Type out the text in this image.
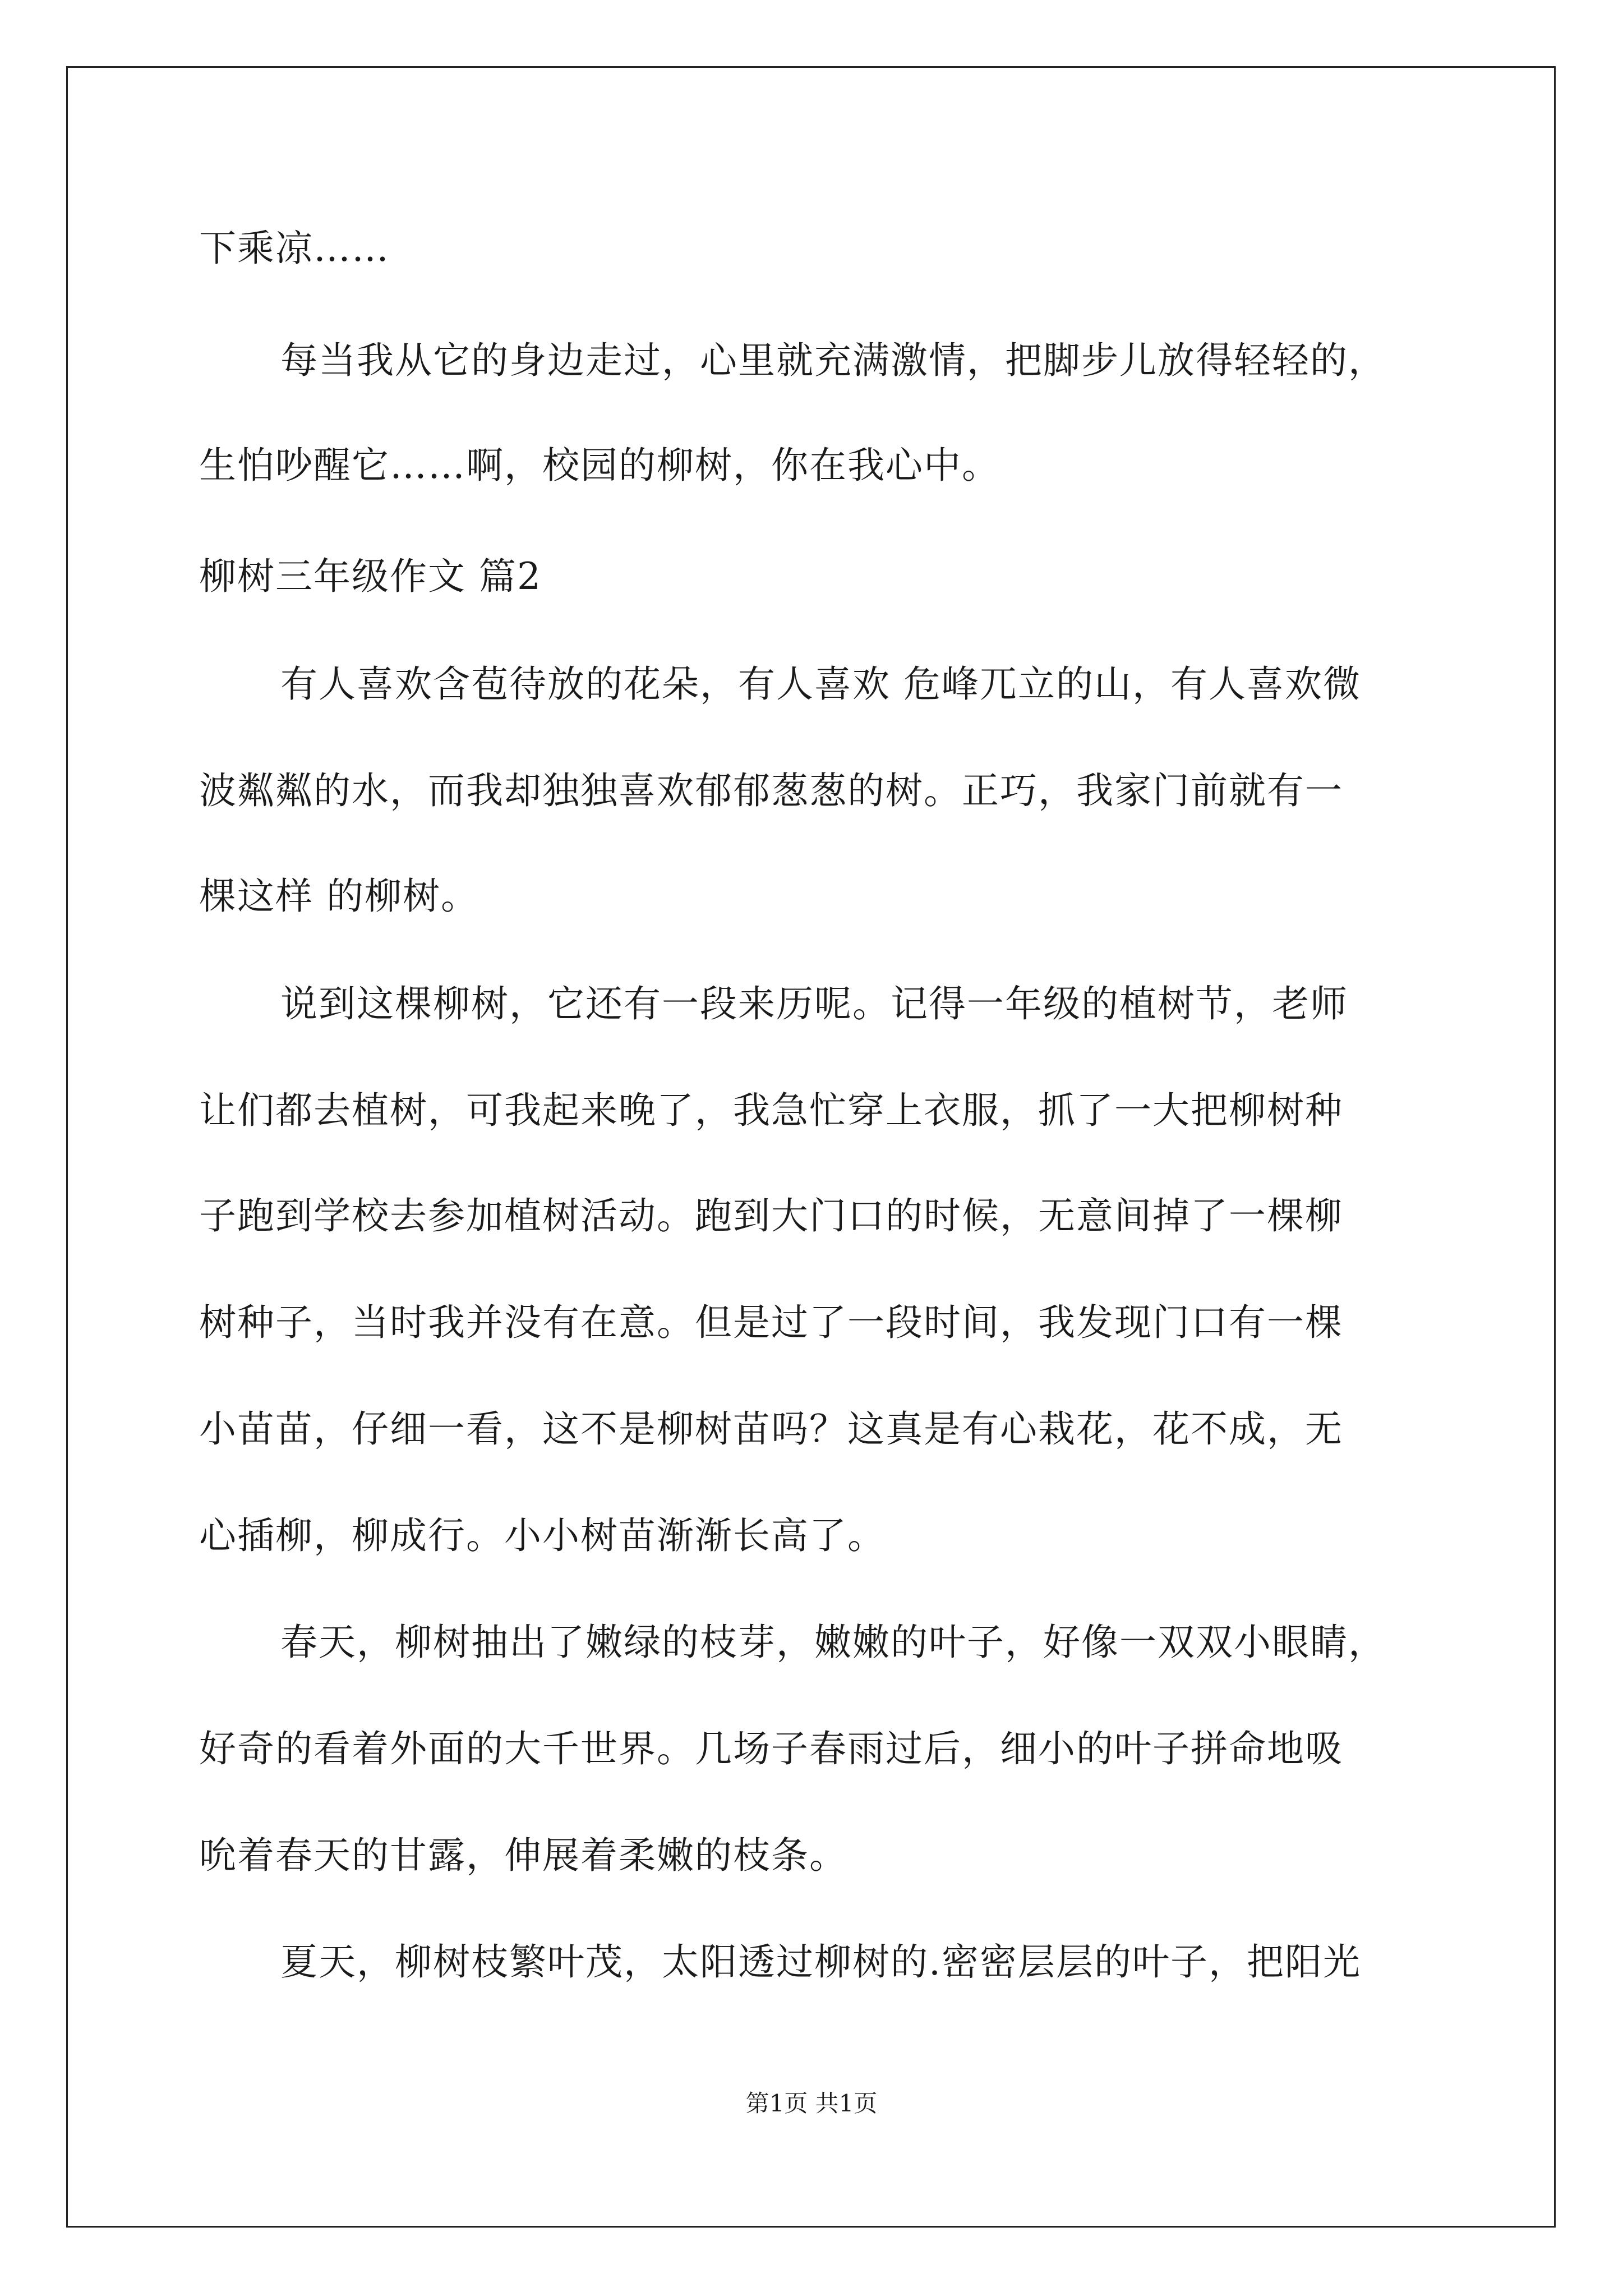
下乘凉……
每当我从它的身边走过，心里就充满激情，把脚步儿放得轻轻的，
生怕吵醒它……啊，校园的柳树，你在我心中。
柳树三年级作文 篇2
有人喜欢含苞待放的花朵，有人喜欢 危峰兀立的山，有人喜欢微
波粼粼的水，而我却独独喜欢郁郁葱葱的树。正巧，我家门前就有一
棵这样 的柳树。
说到这棵柳树，它还有一段来历呢。记得一年级的植树节，老师
让们都去植树，可我起来晚了，我急忙穿上衣服，抓了一大把柳树种
子跑到学校去参加植树活动。跑到大门口的时候，无意间掉了一棵柳
树种子，当时我并没有在意。但是过了一段时间，我发现门口有一棵
小苗苗，仔细一看，这不是柳树苗吗？这真是有心栽花，花不成，无
心插柳，柳成行。小小树苗渐渐长高了。
春天，柳树抽出了嫩绿的枝芽，嫩嫩的叶子，好像一双双小眼睛，
好奇的看着外面的大千世界。几场子春雨过后，细小的叶子拼命地吸
吮着春天的甘露，伸展着柔嫩的枝条。
夏天，柳树枝繁叶茂，太阳透过柳树的.密密层层的叶子，把阳光
第1页 共1页
